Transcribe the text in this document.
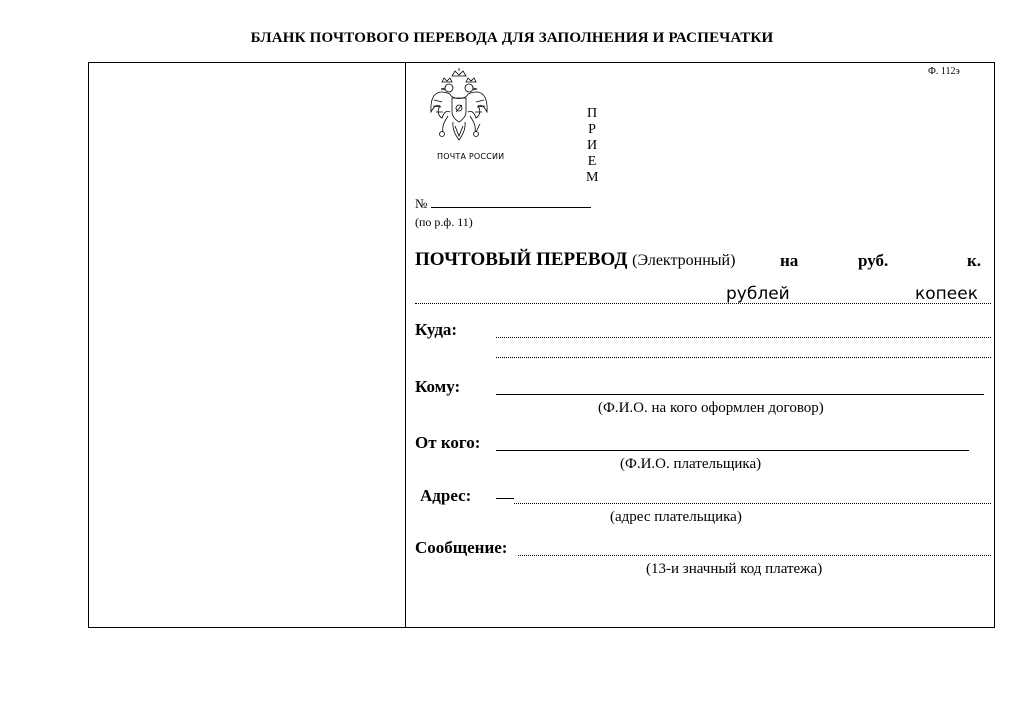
БЛАНК ПОЧТОВОГО ПЕРЕВОДА ДЛЯ ЗАПОЛНЕНИЯ И РАСПЕЧАТКИ
Ф. 112э
ПОЧТА РОССИИ
П
Р
И
Е
М
№
(по р.ф. 11)
ПОЧТОВЫЙ ПЕРЕВОД (Электронный)	на	руб.	к.
рублей	копеек
Куда:
Кому:
(Ф.И.О. на кого оформлен договор)
От кого:
(Ф.И.О. плательщика)
Адрес:
(адрес плательщика)
Сообщение:
(13-и значный код платежа)
